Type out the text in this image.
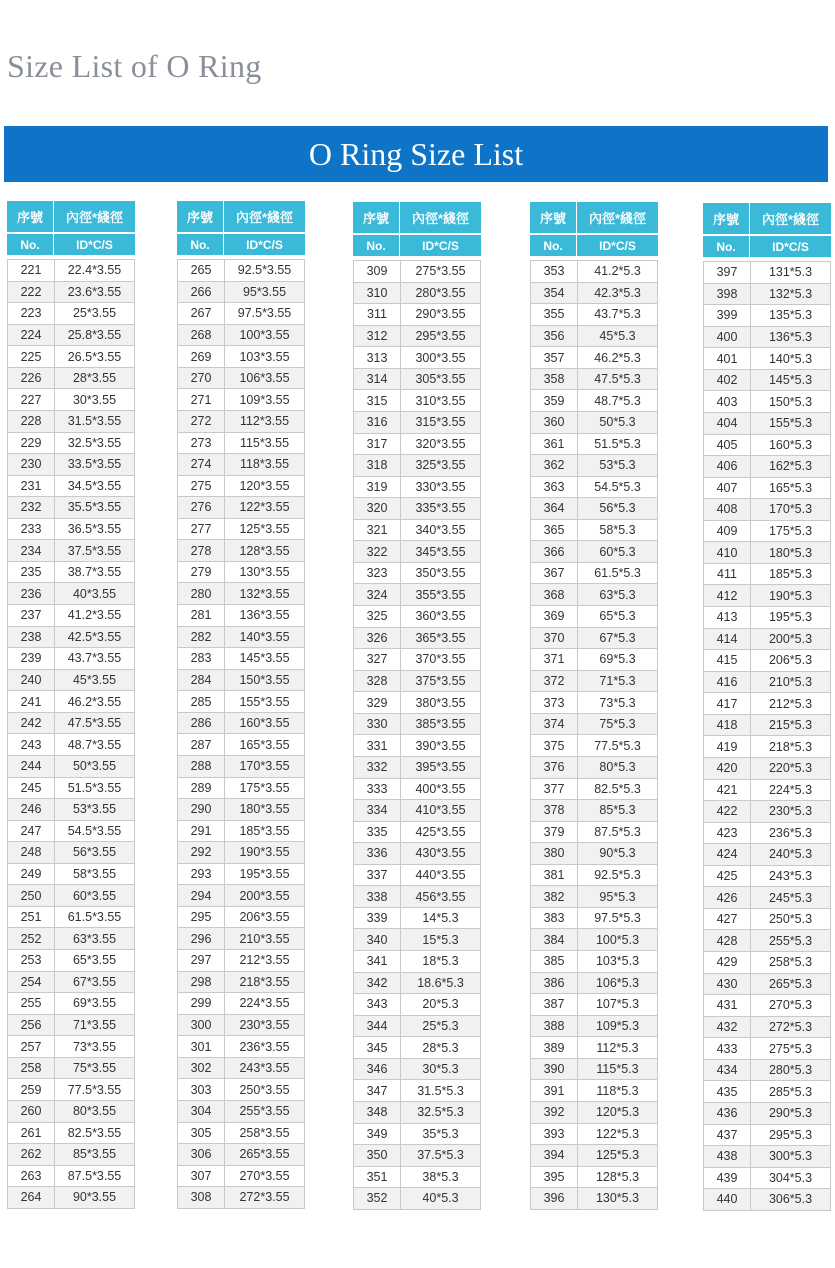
Size List of O Ring
O Ring Size List
序號	內徑*綫徑
No.	ID*C/S
221	22.4*3.55
222	23.6*3.55
223	25*3.55
224	25.8*3.55
225	26.5*3.55
226	28*3.55
227	30*3.55
228	31.5*3.55
229	32.5*3.55
230	33.5*3.55
231	34.5*3.55
232	35.5*3.55
233	36.5*3.55
234	37.5*3.55
235	38.7*3.55
236	40*3.55
237	41.2*3.55
238	42.5*3.55
239	43.7*3.55
240	45*3.55
241	46.2*3.55
242	47.5*3.55
243	48.7*3.55
244	50*3.55
245	51.5*3.55
246	53*3.55
247	54.5*3.55
248	56*3.55
249	58*3.55
250	60*3.55
251	61.5*3.55
252	63*3.55
253	65*3.55
254	67*3.55
255	69*3.55
256	71*3.55
257	73*3.55
258	75*3.55
259	77.5*3.55
260	80*3.55
261	82.5*3.55
262	85*3.55
263	87.5*3.55
264	90*3.55
序號	內徑*綫徑
No.	ID*C/S
265	92.5*3.55
266	95*3.55
267	97.5*3.55
268	100*3.55
269	103*3.55
270	106*3.55
271	109*3.55
272	112*3.55
273	115*3.55
274	118*3.55
275	120*3.55
276	122*3.55
277	125*3.55
278	128*3.55
279	130*3.55
280	132*3.55
281	136*3.55
282	140*3.55
283	145*3.55
284	150*3.55
285	155*3.55
286	160*3.55
287	165*3.55
288	170*3.55
289	175*3.55
290	180*3.55
291	185*3.55
292	190*3.55
293	195*3.55
294	200*3.55
295	206*3.55
296	210*3.55
297	212*3.55
298	218*3.55
299	224*3.55
300	230*3.55
301	236*3.55
302	243*3.55
303	250*3.55
304	255*3.55
305	258*3.55
306	265*3.55
307	270*3.55
308	272*3.55
序號	內徑*綫徑
No.	ID*C/S
309	275*3.55
310	280*3.55
311	290*3.55
312	295*3.55
313	300*3.55
314	305*3.55
315	310*3.55
316	315*3.55
317	320*3.55
318	325*3.55
319	330*3.55
320	335*3.55
321	340*3.55
322	345*3.55
323	350*3.55
324	355*3.55
325	360*3.55
326	365*3.55
327	370*3.55
328	375*3.55
329	380*3.55
330	385*3.55
331	390*3.55
332	395*3.55
333	400*3.55
334	410*3.55
335	425*3.55
336	430*3.55
337	440*3.55
338	456*3.55
339	14*5.3
340	15*5.3
341	18*5.3
342	18.6*5.3
343	20*5.3
344	25*5.3
345	28*5.3
346	30*5.3
347	31.5*5.3
348	32.5*5.3
349	35*5.3
350	37.5*5.3
351	38*5.3
352	40*5.3
序號	內徑*綫徑
No.	ID*C/S
353	41.2*5.3
354	42.3*5.3
355	43.7*5.3
356	45*5.3
357	46.2*5.3
358	47.5*5.3
359	48.7*5.3
360	50*5.3
361	51.5*5.3
362	53*5.3
363	54.5*5.3
364	56*5.3
365	58*5.3
366	60*5.3
367	61.5*5.3
368	63*5.3
369	65*5.3
370	67*5.3
371	69*5.3
372	71*5.3
373	73*5.3
374	75*5.3
375	77.5*5.3
376	80*5.3
377	82.5*5.3
378	85*5.3
379	87.5*5.3
380	90*5.3
381	92.5*5.3
382	95*5.3
383	97.5*5.3
384	100*5.3
385	103*5.3
386	106*5.3
387	107*5.3
388	109*5.3
389	112*5.3
390	115*5.3
391	118*5.3
392	120*5.3
393	122*5.3
394	125*5.3
395	128*5.3
396	130*5.3
序號	內徑*綫徑
No.	ID*C/S
397	131*5.3
398	132*5.3
399	135*5.3
400	136*5.3
401	140*5.3
402	145*5.3
403	150*5.3
404	155*5.3
405	160*5.3
406	162*5.3
407	165*5.3
408	170*5.3
409	175*5.3
410	180*5.3
411	185*5.3
412	190*5.3
413	195*5.3
414	200*5.3
415	206*5.3
416	210*5.3
417	212*5.3
418	215*5.3
419	218*5.3
420	220*5.3
421	224*5.3
422	230*5.3
423	236*5.3
424	240*5.3
425	243*5.3
426	245*5.3
427	250*5.3
428	255*5.3
429	258*5.3
430	265*5.3
431	270*5.3
432	272*5.3
433	275*5.3
434	280*5.3
435	285*5.3
436	290*5.3
437	295*5.3
438	300*5.3
439	304*5.3
440	306*5.3
